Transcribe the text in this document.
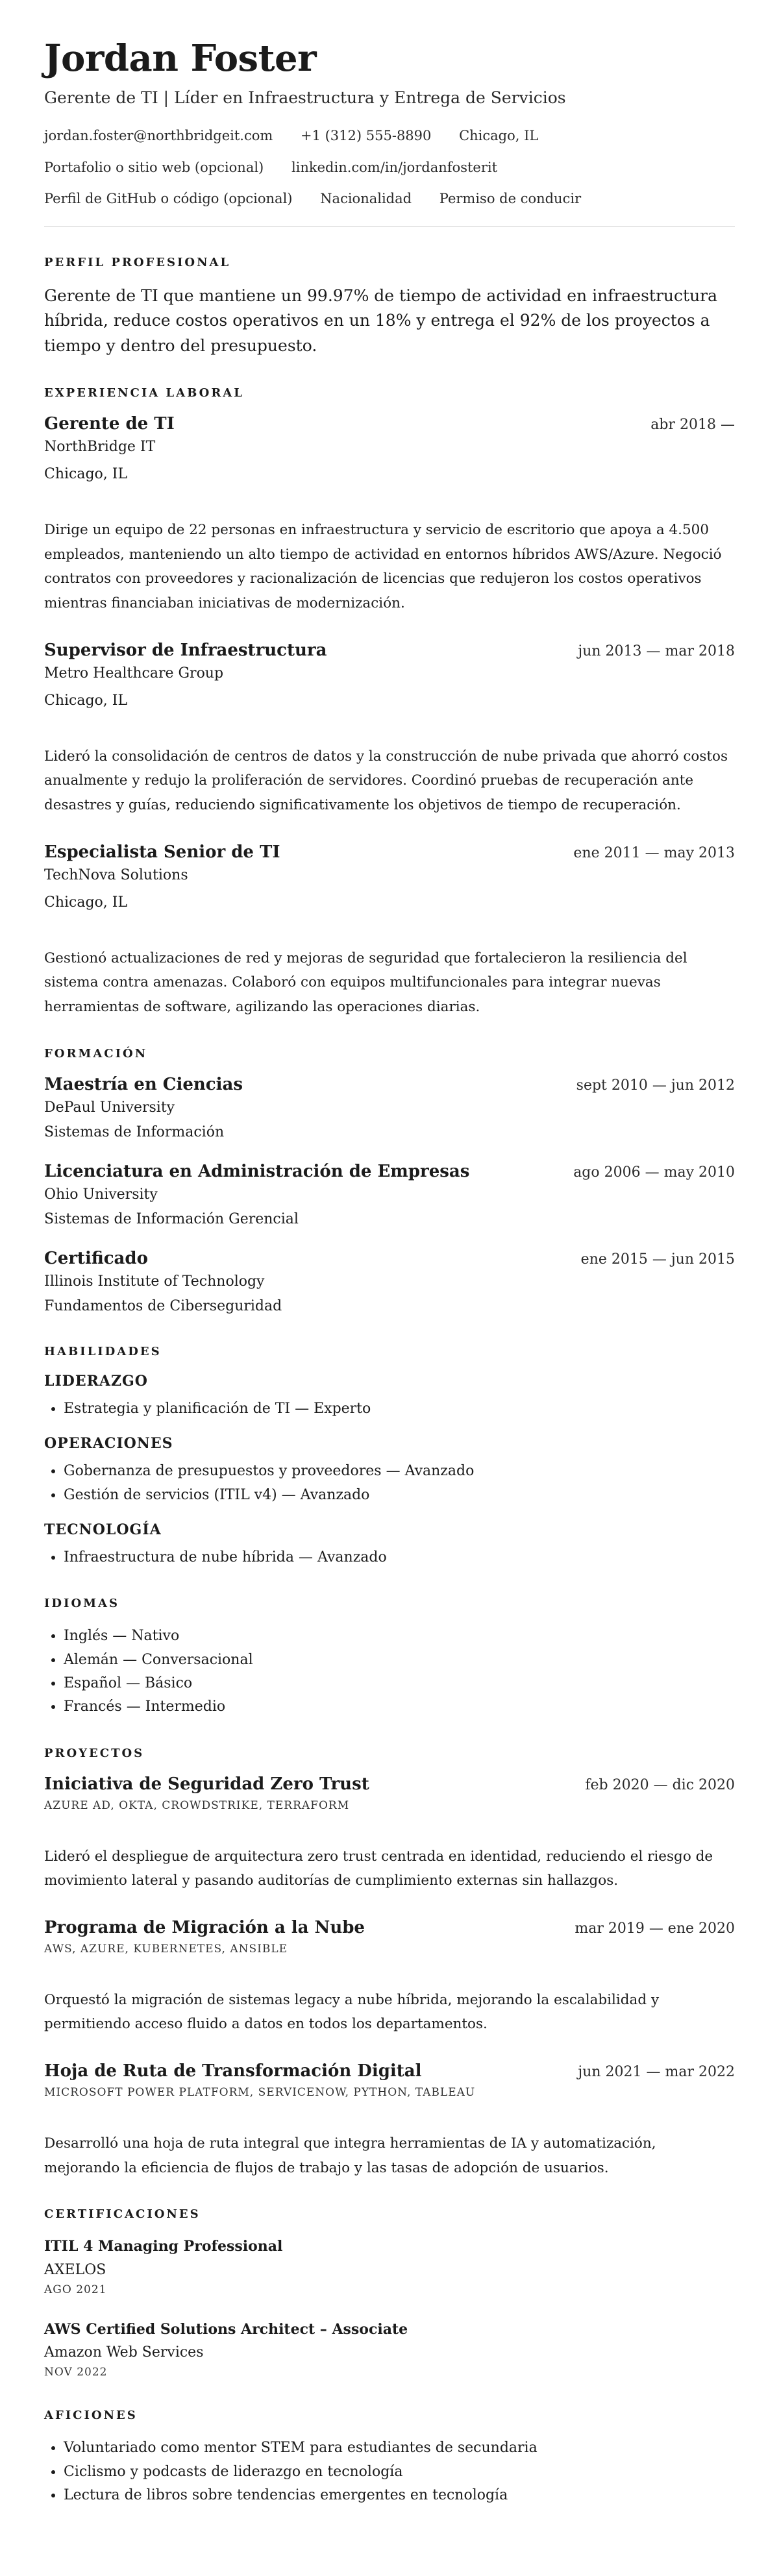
Jordan Foster
Gerente de TI | Líder en Infraestructura y Entrega de Servicios
jordan.foster@northbridgeit.com +1 (312) 555-8890 Chicago, IL
Portafolio o sitio web (opcional) linkedin.com/in/jordanfosterit
Perfil de GitHub o código (opcional) Nacionalidad Permiso de conducir
PERFIL PROFESIONAL

Gerente de TI que mantiene un 99.97% de tiempo de actividad en infraestructura híbrida, reduce costos operativos en un 18% y entrega el 92% de los proyectos a tiempo y dentro del presupuesto.

EXPERIENCIA LABORAL
Gerente de TI	abr 2018 —
NorthBridge IT
Chicago, IL
Dirige un equipo de 22 personas en infraestructura y servicio de escritorio que apoya a 4.500 empleados, manteniendo un alto tiempo de actividad en entornos híbridos AWS/Azure. Negoció contratos con proveedores y racionalización de licencias que redujeron los costos operativos mientras financiaban iniciativas de modernización.
Supervisor de Infraestructura	jun 2013 — mar 2018
Metro Healthcare Group
Chicago, IL
Lideró la consolidación de centros de datos y la construcción de nube privada que ahorró costos anualmente y redujo la proliferación de servidores. Coordinó pruebas de recuperación ante desastres y guías, reduciendo significativamente los objetivos de tiempo de recuperación.
Especialista Senior de TI	ene 2011 — may 2013
TechNova Solutions
Chicago, IL
Gestionó actualizaciones de red y mejoras de seguridad que fortalecieron la resiliencia del sistema contra amenazas. Colaboró con equipos multifuncionales para integrar nuevas herramientas de software, agilizando las operaciones diarias.
FORMACIÓN
Maestría en Ciencias	sept 2010 — jun 2012
DePaul University
Sistemas de Información
Licenciatura en Administración de Empresas	ago 2006 — may 2010
Ohio University
Sistemas de Información Gerencial
Certificado	ene 2015 — jun 2015
Illinois Institute of Technology
Fundamentos de Ciberseguridad
HABILIDADES
LIDERAZGO
• Estrategia y planificación de TI — Experto
OPERACIONES
• Gobernanza de presupuestos y proveedores — Avanzado
• Gestión de servicios (ITIL v4) — Avanzado
TECNOLOGÍA
• Infraestructura de nube híbrida — Avanzado
IDIOMAS
• Inglés — Nativo
• Alemán — Conversacional
• Español — Básico
• Francés — Intermedio
PROYECTOS
Iniciativa de Seguridad Zero Trust	feb 2020 — dic 2020
AZURE AD, OKTA, CROWDSTRIKE, TERRAFORM
Lideró el despliegue de arquitectura zero trust centrada en identidad, reduciendo el riesgo de movimiento lateral y pasando auditorías de cumplimiento externas sin hallazgos.
Programa de Migración a la Nube	mar 2019 — ene 2020
AWS, AZURE, KUBERNETES, ANSIBLE
Orquestó la migración de sistemas legacy a nube híbrida, mejorando la escalabilidad y permitiendo acceso fluido a datos en todos los departamentos.
Hoja de Ruta de Transformación Digital	jun 2021 — mar 2022
MICROSOFT POWER PLATFORM, SERVICENOW, PYTHON, TABLEAU
Desarrolló una hoja de ruta integral que integra herramientas de IA y automatización, mejorando la eficiencia de flujos de trabajo y las tasas de adopción de usuarios.
CERTIFICACIONES
ITIL 4 Managing Professional
AXELOS
AGO 2021
AWS Certified Solutions Architect – Associate
Amazon Web Services
NOV 2022
AFICIONES
• Voluntariado como mentor STEM para estudiantes de secundaria
• Ciclismo y podcasts de liderazgo en tecnología
• Lectura de libros sobre tendencias emergentes en tecnología
